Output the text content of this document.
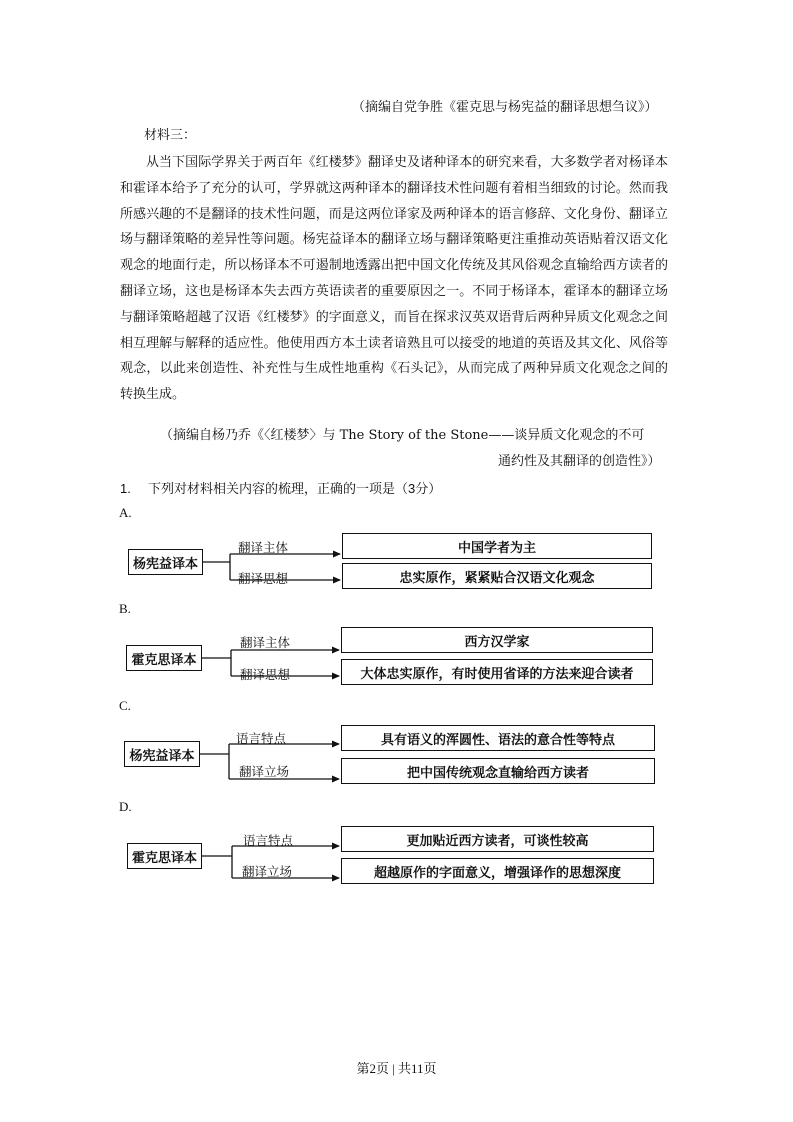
（摘编自党争胜《霍克思与杨宪益的翻译思想刍议》）
材料三：

从当下国际学界关于两百年《红楼梦》翻译史及诸种译本的研究来看，大多数学者对杨译本和霍译本给予了充分的认可，学界就这两种译本的翻译技术性问题有着相当细致的讨论。然而我所感兴趣的不是翻译的技术性问题，而是这两位译家及两种译本的语言修辞、文化身份、翻译立场与翻译策略的差异性等问题。杨宪益译本的翻译立场与翻译策略更注重推动英语贴着汉语文化观念的地面行走，所以杨译本不可遏制地透露出把中国文化传统及其风俗观念直输给西方读者的翻译立场，这也是杨译本失去西方英语读者的重要原因之一。不同于杨译本，霍译本的翻译立场与翻译策略超越了汉语《红楼梦》的字面意义，而旨在探求汉英双语背后两种异质文化观念之间相互理解与解释的适应性。他使用西方本土读者谙熟且可以接受的地道的英语及其文化、风俗等观念，以此来创造性、补充性与生成性地重构《石头记》，从而完成了两种异质文化观念之间的转换生成。

（摘编自杨乃乔《〈红楼梦〉与 The Story of the Stone——谈异质文化观念的不可
通约性及其翻译的创造性》）
1. 下列对材料相关内容的梳理，正确的一项是（3分）
A.
杨宪益译本
翻译主体
翻译思想
中国学者为主
忠实原作，紧紧贴合汉语文化观念
B.
霍克思译本
翻译主体
翻译思想
西方汉学家
大体忠实原作，有时使用省译的方法来迎合读者
C.
杨宪益译本
语言特点
翻译立场
具有语义的浑圆性、语法的意合性等特点
把中国传统观念直输给西方读者
D.
霍克思译本
语言特点
翻译立场
更加贴近西方读者，可谈性较高
超越原作的字面意义，增强译作的思想深度
第2页 | 共11页
